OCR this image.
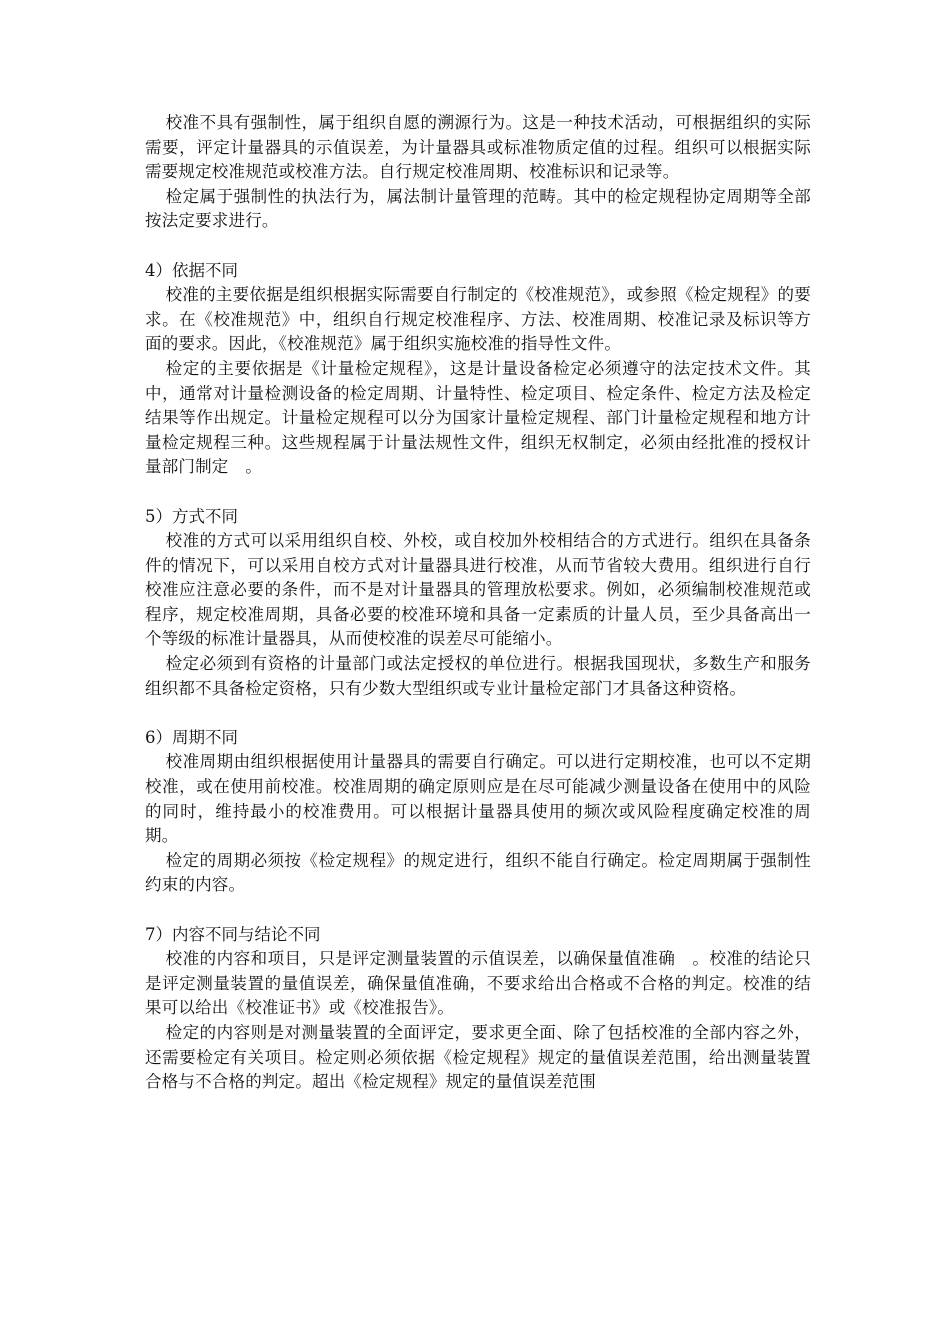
校准不具有强制性，属于组织自愿的溯源行为。这是一种技术活动，可根据组织的实际需要，评定计量器具的示值误差，为计量器具或标准物质定值的过程。组织可以根据实际需要规定校准规范或校准方法。自行规定校准周期、校准标识和记录等。

检定属于强制性的执法行为，属法制计量管理的范畴。其中的检定规程协定周期等全部按法定要求进行。

4）依据不同

校准的主要依据是组织根据实际需要自行制定的《校准规范》，或参照《检定规程》的要求。在《校准规范》中，组织自行规定校准程序、方法、校准周期、校准记录及标识等方面的要求。因此，《校准规范》属于组织实施校准的指导性文件。

检定的主要依据是《计量检定规程》，这是计量设备检定必须遵守的法定技术文件。其中，通常对计量检测设备的检定周期、计量特性、检定项目、检定条件、检定方法及检定结果等作出规定。计量检定规程可以分为国家计量检定规程、部门计量检定规程和地方计量检定规程三种。这些规程属于计量法规性文件，组织无权制定，必须由经批准的授权计量部门制定　。

5）方式不同

校准的方式可以采用组织自校、外校，或自校加外校相结合的方式进行。组织在具备条件的情况下，可以采用自校方式对计量器具进行校准，从而节省较大费用。组织进行自行校准应注意必要的条件，而不是对计量器具的管理放松要求。例如，必须编制校准规范或程序，规定校准周期，具备必要的校准环境和具备一定素质的计量人员，至少具备高出一个等级的标准计量器具，从而使校准的误差尽可能缩小。

检定必须到有资格的计量部门或法定授权的单位进行。根据我国现状，多数生产和服务组织都不具备检定资格，只有少数大型组织或专业计量检定部门才具备这种资格。

6）周期不同

校准周期由组织根据使用计量器具的需要自行确定。可以进行定期校准，也可以不定期校准，或在使用前校准。校准周期的确定原则应是在尽可能减少测量设备在使用中的风险的同时，维持最小的校准费用。可以根据计量器具使用的频次或风险程度确定校准的周期。

检定的周期必须按《检定规程》的规定进行，组织不能自行确定。检定周期属于强制性约束的内容。

7）内容不同与结论不同

校准的内容和项目，只是评定测量装置的示值误差，以确保量值准确　。校准的结论只是评定测量装置的量值误差，确保量值准确，不要求给出合格或不合格的判定。校准的结果可以给出《校准证书》或《校准报告》。

检定的内容则是对测量装置的全面评定，要求更全面、除了包括校准的全部内容之外，还需要检定有关项目。检定则必须依据《检定规程》规定的量值误差范围，给出测量装置合格与不合格的判定。超出《检定规程》规定的量值误差范围
